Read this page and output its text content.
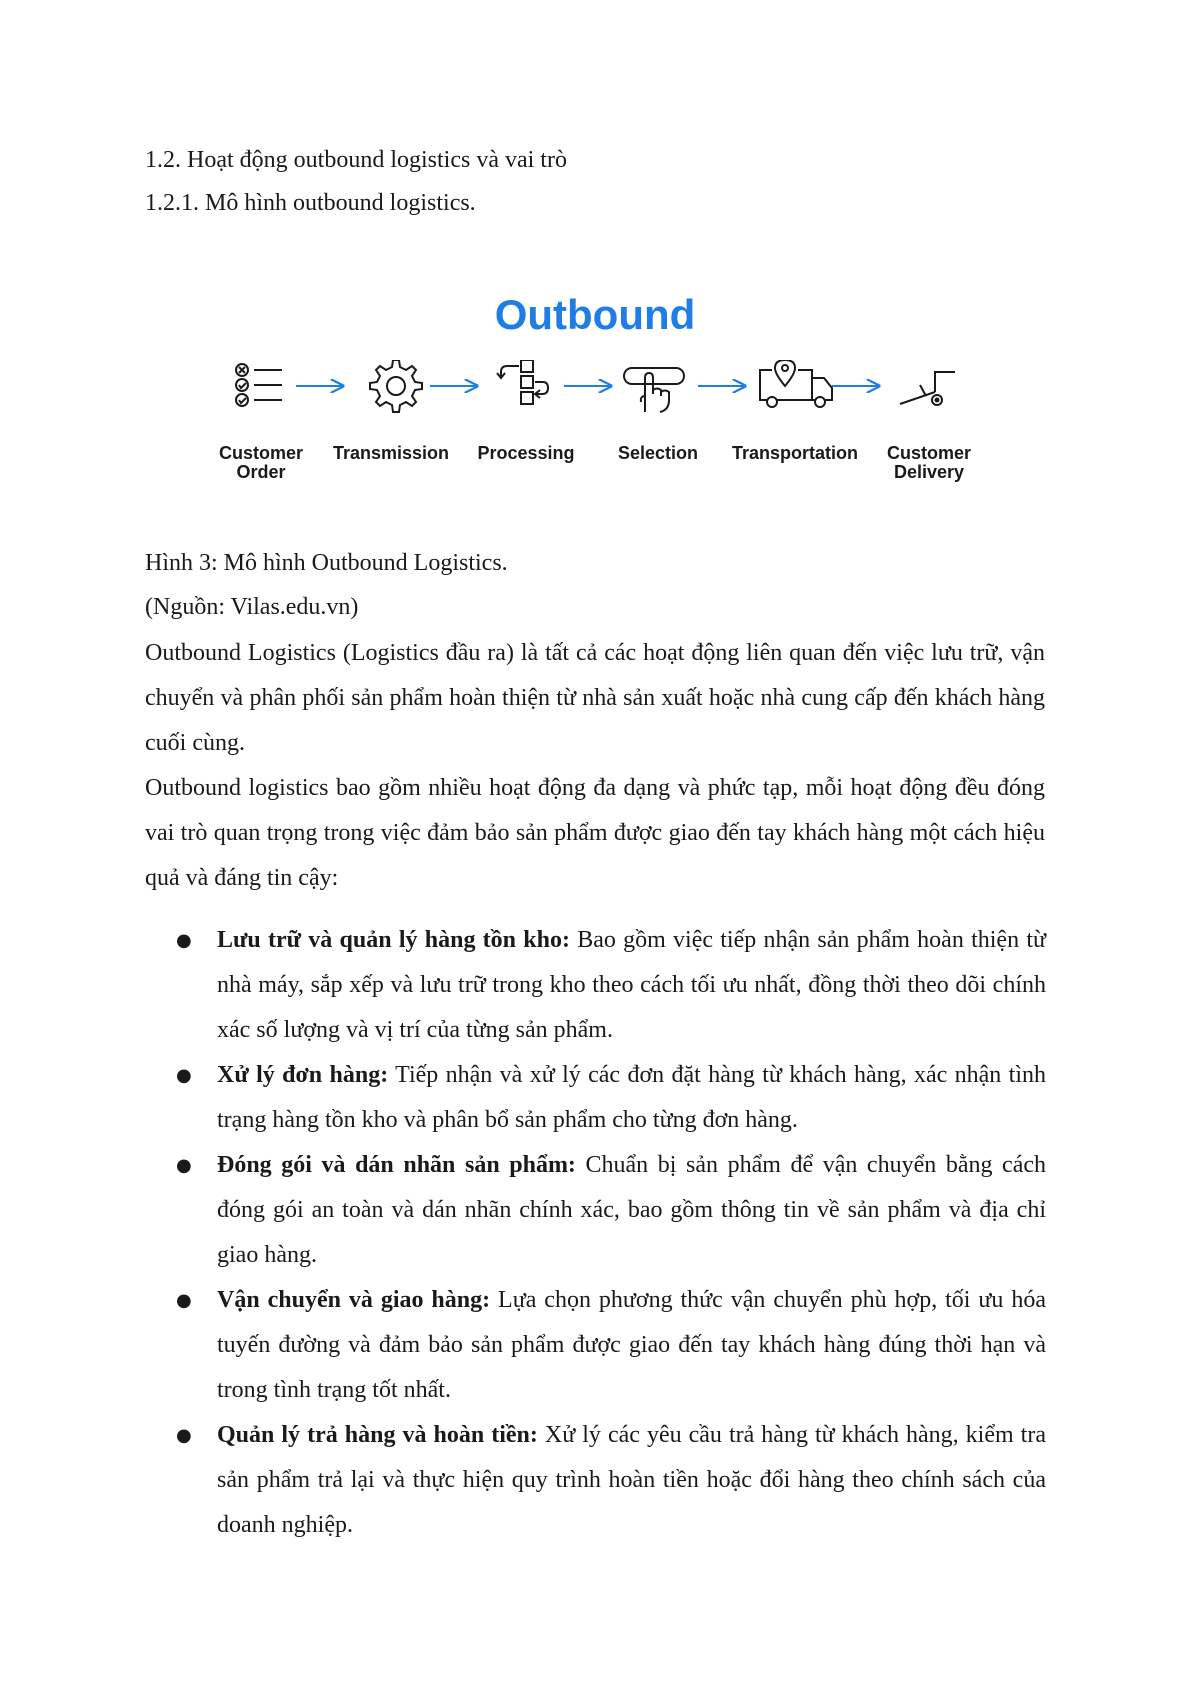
1.2. Hoạt động outbound logistics và vai trò
1.2.1. Mô hình outbound logistics.
Outbound
Customer
Order
Transmission	Processing	Selection	Transportation	Customer
Delivery
Hình 3: Mô hình Outbound Logistics.
(Nguồn: Vilas.edu.vn)

Outbound Logistics (Logistics đầu ra) là tất cả các hoạt động liên quan đến việc lưu trữ, vận chuyển và phân phối sản phẩm hoàn thiện từ nhà sản xuất hoặc nhà cung cấp đến khách hàng cuối cùng.

Outbound logistics bao gồm nhiều hoạt động đa dạng và phức tạp, mỗi hoạt động đều đóng vai trò quan trọng trong việc đảm bảo sản phẩm được giao đến tay khách hàng một cách hiệu quả và đáng tin cậy:

● Lưu trữ và quản lý hàng tồn kho: Bao gồm việc tiếp nhận sản phẩm hoàn thiện từ nhà máy, sắp xếp và lưu trữ trong kho theo cách tối ưu nhất, đồng thời theo dõi chính xác số lượng và vị trí của từng sản phẩm.
● Xử lý đơn hàng: Tiếp nhận và xử lý các đơn đặt hàng từ khách hàng, xác nhận tình trạng hàng tồn kho và phân bổ sản phẩm cho từng đơn hàng.
● Đóng gói và dán nhãn sản phẩm: Chuẩn bị sản phẩm để vận chuyển bằng cách đóng gói an toàn và dán nhãn chính xác, bao gồm thông tin về sản phẩm và địa chỉ giao hàng.
● Vận chuyển và giao hàng: Lựa chọn phương thức vận chuyển phù hợp, tối ưu hóa tuyến đường và đảm bảo sản phẩm được giao đến tay khách hàng đúng thời hạn và trong tình trạng tốt nhất.
● Quản lý trả hàng và hoàn tiền: Xử lý các yêu cầu trả hàng từ khách hàng, kiểm tra sản phẩm trả lại và thực hiện quy trình hoàn tiền hoặc đổi hàng theo chính sách của doanh nghiệp.
